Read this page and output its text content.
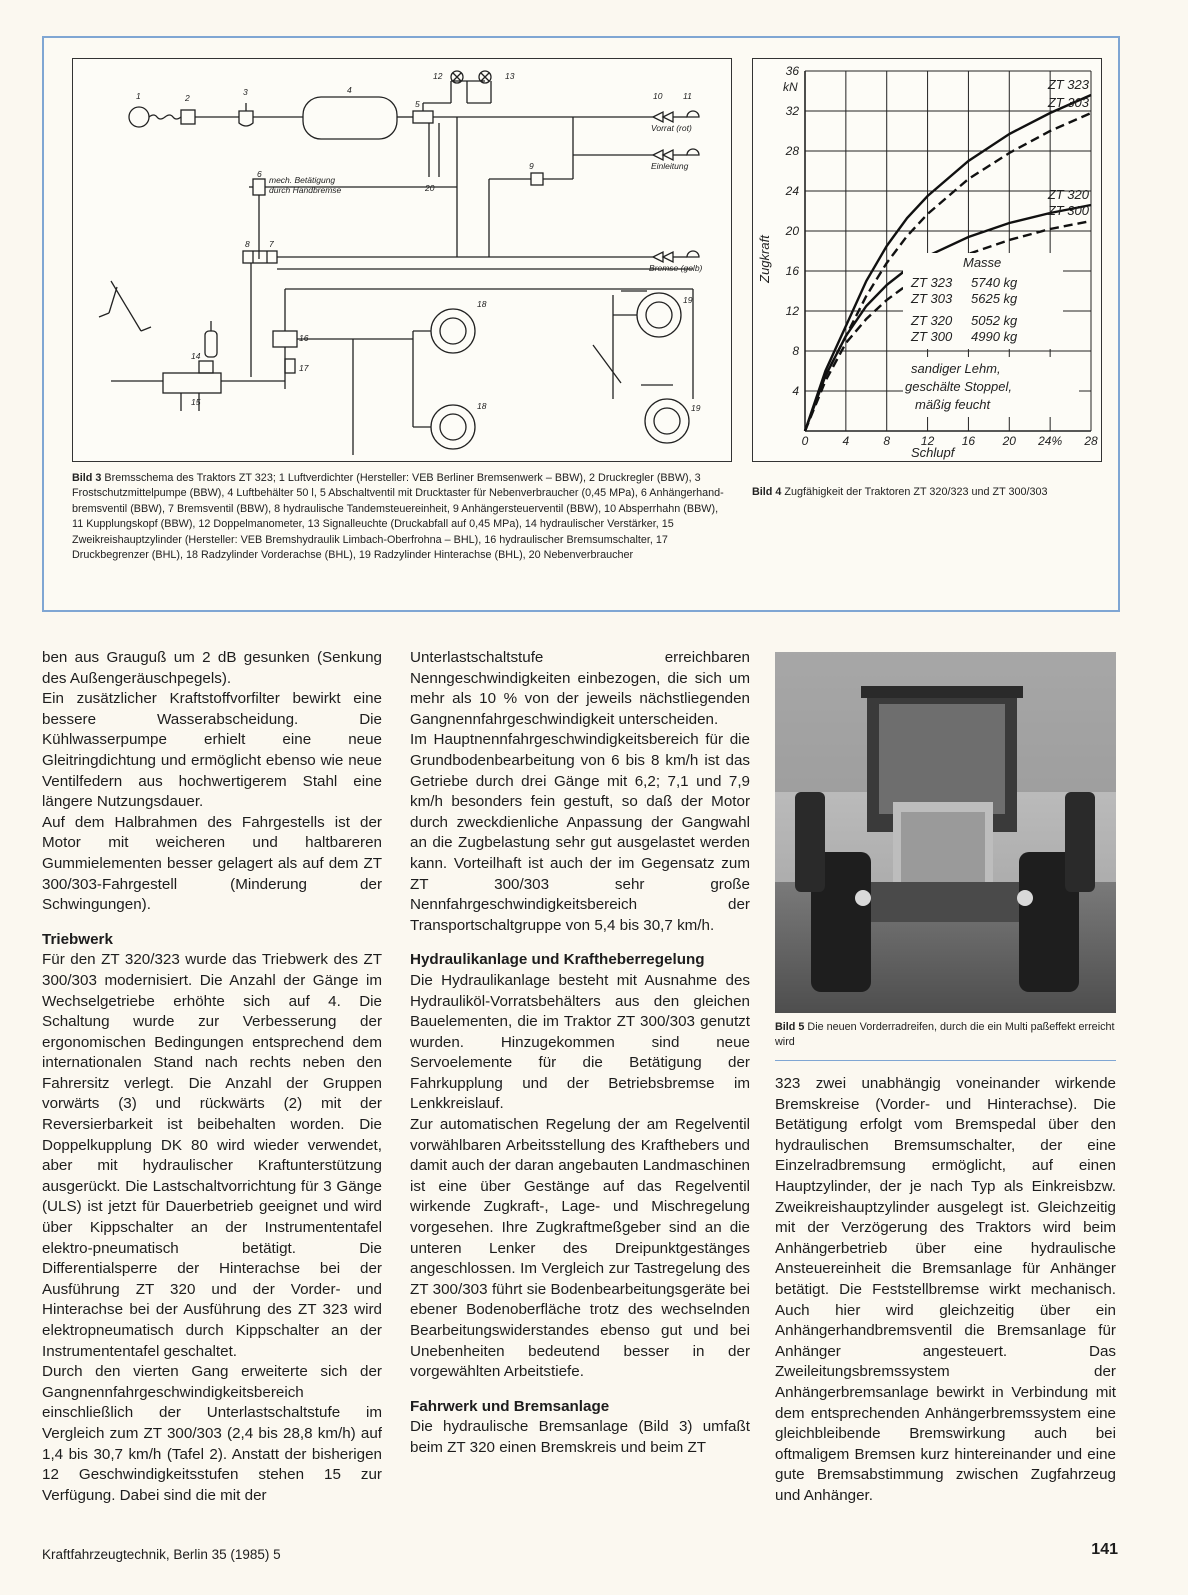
1	2
3	4
5
6
7
8
9
10 11
12	13
14
15
16
17
18
18
19
19
20
Vorrat (rot)
Einleitung
Bremse (gelb)
mech. Betätigung
durch Handbremse
Bild 3 Bremsschema des Traktors ZT 323; 1 Luftverdichter (Hersteller: VEB Berliner Bremsenwerk – BBW), 2 Druckregler (BBW), 3 Frostschutzmittelpumpe (BBW), 4 Luftbehälter 50 l, 5 Abschaltventil mit Drucktaster für Nebenverbraucher (0,45 MPa), 6 Anhängerhand-bremsventil (BBW), 7 Bremsventil (BBW), 8 hydraulische Tandemsteuereinheit, 9 Anhängersteuerventil (BBW), 10 Absperrhahn (BBW), 11 Kupplungskopf (BBW), 12 Doppelmanometer, 13 Signalleuchte (Druckabfall auf 0,45 MPa), 14 hydraulischer Verstärker, 15 Zweikreishauptzylinder (Hersteller: VEB Bremshydraulik Limbach-Oberfrohna – BHL), 16 hydraulischer Bremsumschalter, 17 Druckbegrenzer (BHL), 18 Radzylinder Vorderachse (BHL), 19 Radzylinder Hinterachse (BHL), 20 Nebenverbraucher
4
8
12
16
20
24
28
32
36
0	4	8	12 16 20 24% 28
ZT 323
ZT 303
ZT 320
ZT 300
kN
Schlupf
Zugkraft	Masse
ZT 323 5740 kg
ZT 303 5625 kg
ZT 320 5052 kg
ZT 300 4990 kg
sandiger Lehm,
geschälte Stoppel,
mäßig feucht
Bild 4 Zugfähigkeit der Traktoren ZT 320/323 und ZT 300/303

ben aus Grauguß um 2 dB gesunken (Senkung des Außengeräuschpegels).

Ein zusätzlicher Kraftstoffvorfilter bewirkt eine bessere Wasserabscheidung. Die Kühlwasserpumpe erhielt eine neue Gleitringdichtung und ermöglicht ebenso wie neue Ventilfedern aus hochwertigerem Stahl eine längere Nutzungsdauer.

Auf dem Halbrahmen des Fahrgestells ist der Motor mit weicheren und haltbareren Gummielementen besser gelagert als auf dem ZT 300/303-Fahrgestell (Minderung der Schwingungen).

Triebwerk

Für den ZT 320/323 wurde das Triebwerk des ZT 300/303 modernisiert. Die Anzahl der Gänge im Wechselgetriebe erhöhte sich auf 4. Die Schaltung wurde zur Verbesserung der ergonomischen Bedingungen entsprechend dem internationalen Stand nach rechts neben den Fahrersitz verlegt. Die Anzahl der Gruppen vorwärts (3) und rückwärts (2) mit der Reversierbarkeit ist beibehalten worden. Die Doppelkupplung DK 80 wird wieder verwendet, aber mit hydraulischer Kraftunterstützung ausgerückt. Die Lastschaltvorrichtung für 3 Gänge (ULS) ist jetzt für Dauerbetrieb geeignet und wird über Kippschalter an der Instrumententafel elektro-pneumatisch betätigt. Die Differentialsperre der Hinterachse bei der Ausführung ZT 320 und der Vorder- und Hinterachse bei der Ausführung des ZT 323 wird elektropneumatisch durch Kippschalter an der Instrumententafel geschaltet.

Durch den vierten Gang erweiterte sich der Gangnennfahrgeschwindigkeitsbereich einschließlich der Unterlastschaltstufe im Vergleich zum ZT 300/303 (2,4 bis 28,8 km/h) auf 1,4 bis 30,7 km/h (Tafel 2). Anstatt der bisherigen 12 Geschwindigkeitsstufen stehen 15 zur Verfügung. Dabei sind die mit der

Unterlastschaltstufe erreichbaren Nenngeschwindigkeiten einbezogen, die sich um mehr als 10 % von der jeweils nächstliegenden Gangnennfahrgeschwindigkeit unterscheiden.

Im Hauptnennfahrgeschwindigkeitsbereich für die Grundbodenbearbeitung von 6 bis 8 km/h ist das Getriebe durch drei Gänge mit 6,2; 7,1 und 7,9 km/h besonders fein gestuft, so daß der Motor durch zweckdienliche Anpassung der Gangwahl an die Zugbelastung sehr gut ausgelastet werden kann. Vorteilhaft ist auch der im Gegensatz zum ZT 300/303 sehr große Nennfahrgeschwindigkeitsbereich der Transportschaltgruppe von 5,4 bis 30,7 km/h.

Hydraulikanlage und Kraftheberregelung

Die Hydraulikanlage besteht mit Ausnahme des Hydrauliköl-Vorratsbehälters aus den gleichen Bauelementen, die im Traktor ZT 300/303 genutzt wurden. Hinzugekommen sind neue Servoelemente für die Betätigung der Fahrkupplung und der Betriebsbremse im Lenkkreislauf.

Zur automatischen Regelung der am Regelventil vorwählbaren Arbeitsstellung des Krafthebers und damit auch der daran angebauten Landmaschinen ist eine über Gestänge auf das Regelventil wirkende Zugkraft-, Lage- und Mischregelung vorgesehen. Ihre Zugkraftmeßgeber sind an die unteren Lenker des Dreipunktgestänges angeschlossen. Im Vergleich zur Tastregelung des ZT 300/303 führt sie Bodenbearbeitungsgeräte bei ebener Bodenoberfläche trotz des wechselnden Bearbeitungswiderstandes ebenso gut und bei Unebenheiten bedeutend besser in der vorgewählten Arbeitstiefe.

Fahrwerk und Bremsanlage

Die hydraulische Bremsanlage (Bild 3) umfaßt beim ZT 320 einen Bremskreis und beim ZT

Bild 5 Die neuen Vorderradreifen, durch die ein Multi paßeffekt erreicht wird

323 zwei unabhängig voneinander wirkende Bremskreise (Vorder- und Hinterachse). Die Betätigung erfolgt vom Bremspedal über den hydraulischen Bremsumschalter, der eine Einzelradbremsung ermöglicht, auf einen Hauptzylinder, der je nach Typ als Einkreisbzw. Zweikreishauptzylinder ausgelegt ist. Gleichzeitig mit der Verzögerung des Traktors wird beim Anhängerbetrieb über eine hydraulische Ansteuereinheit die Bremsanlage für Anhänger betätigt. Die Feststellbremse wirkt mechanisch. Auch hier wird gleichzeitig über ein Anhängerhandbremsventil die Bremsanlage für Anhänger angesteuert. Das Zweileitungsbremssystem der Anhängerbremsanlage bewirkt in Verbindung mit dem entsprechenden Anhängerbremssystem eine gleichbleibende Bremswirkung auch bei oftmaligem Bremsen kurz hintereinander und eine gute Bremsabstimmung zwischen Zugfahrzeug und Anhänger.

Kraftfahrzeugtechnik, Berlin 35 (1985) 5	141
